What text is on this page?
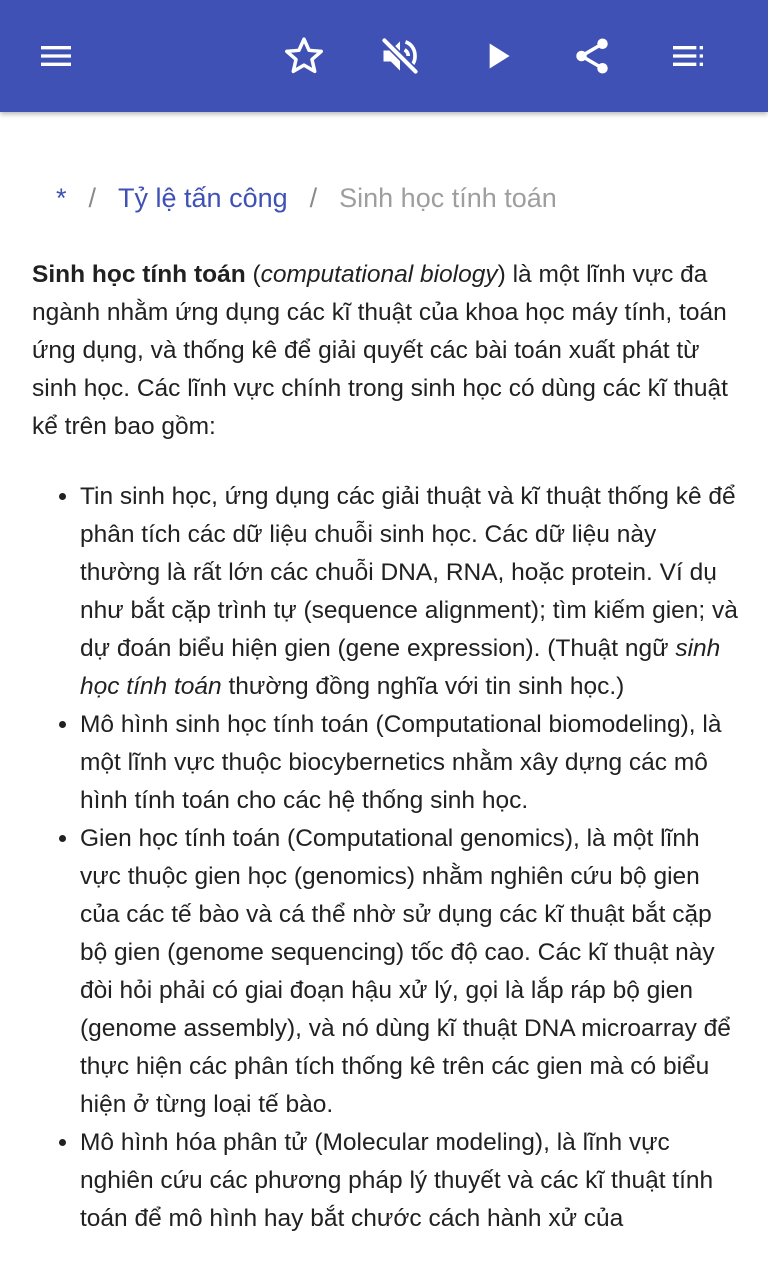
* / Tỷ lệ tấn công / Sinh học tính toán

Sinh học tính toán (computational biology) là một lĩnh vực đa ngành nhằm ứng dụng các kĩ thuật của khoa học máy tính, toán ứng dụng, và thống kê để giải quyết các bài toán xuất phát từ sinh học. Các lĩnh vực chính trong sinh học có dùng các kĩ thuật kể trên bao gồm:

• Tin sinh học, ứng dụng các giải thuật và kĩ thuật thống kê để phân tích các dữ liệu chuỗi sinh học. Các dữ liệu này thường là rất lớn các chuỗi DNA, RNA, hoặc protein. Ví dụ như bắt cặp trình tự (sequence alignment); tìm kiếm gien; và dự đoán biểu hiện gien (gene expression). (Thuật ngữ sinh học tính toán thường đồng nghĩa với tin sinh học.)
• Mô hình sinh học tính toán (Computational biomodeling), là một lĩnh vực thuộc biocybernetics nhằm xây dựng các mô hình tính toán cho các hệ thống sinh học.
• Gien học tính toán (Computational genomics), là một lĩnh vực thuộc gien học (genomics) nhằm nghiên cứu bộ gien của các tế bào và cá thể nhờ sử dụng các kĩ thuật bắt cặp bộ gien (genome sequencing) tốc độ cao. Các kĩ thuật này đòi hỏi phải có giai đoạn hậu xử lý, gọi là lắp ráp bộ gien (genome assembly), và nó dùng kĩ thuật DNA microarray để thực hiện các phân tích thống kê trên các gien mà có biểu hiện ở từng loại tế bào.
• Mô hình hóa phân tử (Molecular modeling), là lĩnh vực nghiên cứu các phương pháp lý thuyết và các kĩ thuật tính toán để mô hình hay bắt chước cách hành xử của
